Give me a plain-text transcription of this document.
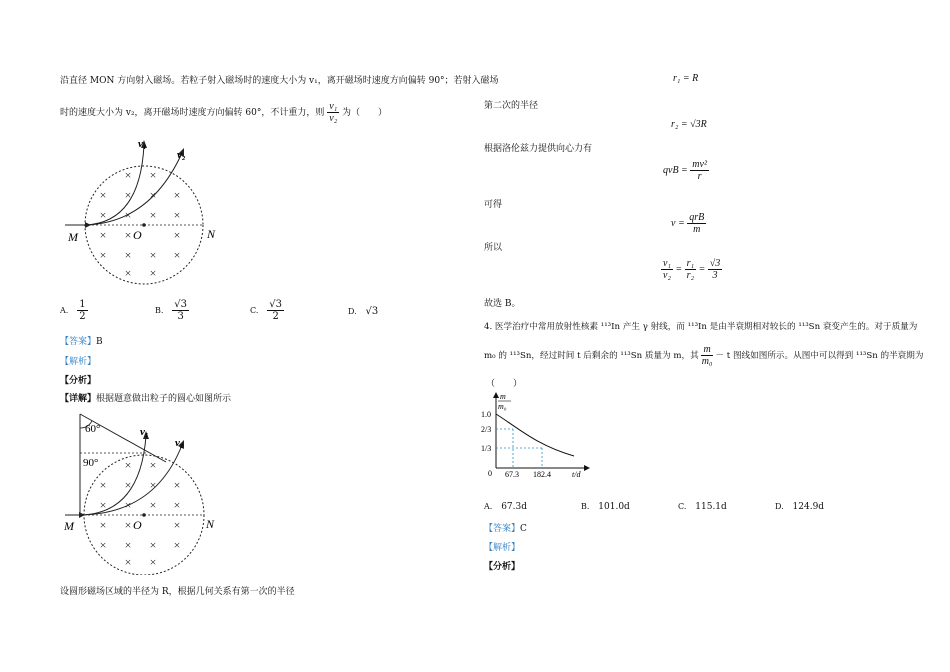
沿直径 MON 方向射入磁场。若粒子射入磁场时的速度大小为 v₁，离开磁场时速度方向偏转 90°；若射入磁场
时的速度大小为 v₂，离开磁场时速度方向偏转 60°，不计重力，则 $\frac{\text{v₁}}{\text{v₂}}$ 为（　　）
× ×
× × × ×
× × × ×
× ×	×
× × × ×
× ×
v₁
v₂
M	O	N
A. $\frac{1}{2}$	B. $\frac{√3}{3}$	C. $\frac{√3}{2}$	D. √3
【答案】B
【解析】
【分析】
【详解】根据题意做出粒子的圆心如图所示
× ×
× × × ×
× × × ×
× ×	×
× × × ×
× ×
60°
90°
v₁
v₂
M	O	N
设圆形磁场区域的半径为 R，根据几何关系有第一次的半径
r₁ = R
第二次的半径
r₂ = √3R
根据洛伦兹力提供向心力有
qvB = $\frac{\text{mv²}}{r}$
可得
$v = \frac{\text{qrB}}{m}$
所以
$\frac{\text{v₁}}{\text{v₂}} = \frac{\text{r₁}}{\text{r₂}} = \frac{√3}{3}$
故选 B。
4. 医学治疗中常用放射性核素 ¹¹³In 产生 γ 射线，而 ¹¹³In 是由半衰期相对较长的 ¹¹³Sn 衰变产生的。对于质量为
m₀ 的 ¹¹³Sn，经过时间 t 后剩余的 ¹¹³Sn 质量为 m，其 $\frac{m}{\text{m₀}} - t$ 图线如图所示。从图中可以得到 ¹¹³Sn 的半衰期为
（　　）
m
m₀
1.0
2/3
1/3
0 67.3 182.4	t/d
A. 67.3d	B. 101.0d	C. 115.1d	D. 124.9d
【答案】C
【解析】
【分析】
